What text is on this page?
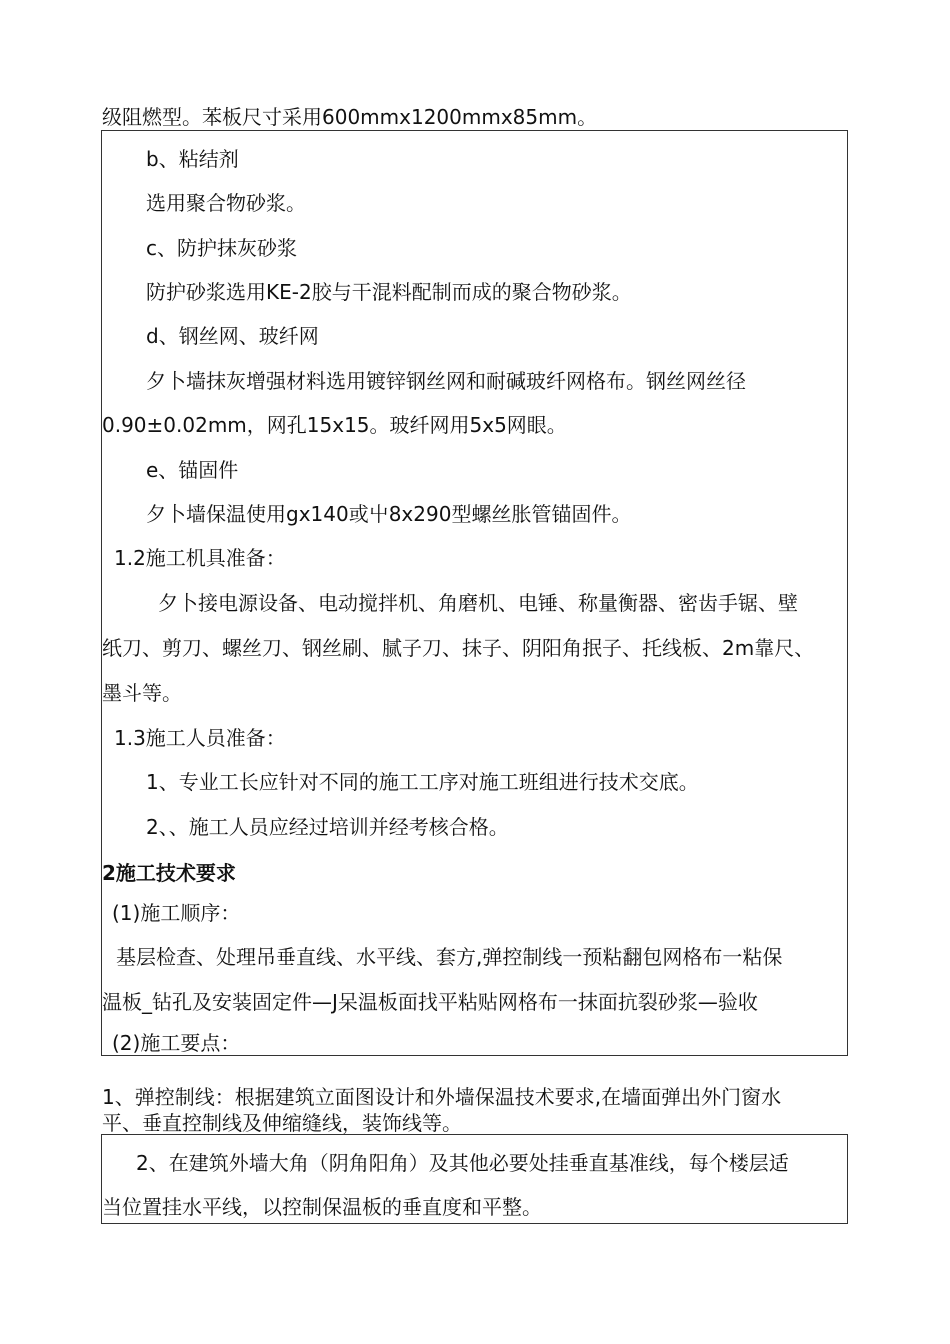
级阻燃型。苯板尺寸采用600mmx1200mmx85mm。
b、粘结剂
选用聚合物砂浆。
c、防护抹灰砂浆
防护砂浆选用KE-2胶与干混料配制而成的聚合物砂浆。
d、钢丝网、玻纤网
夕卜墙抹灰增强材料选用镀锌钢丝网和耐碱玻纤网格布。钢丝网丝径
0.90±0.02mm，网孔15x15。玻纤网用5x5网眼。
e、锚固件
夕卜墙保温使用gx140或屮8x290型螺丝胀管锚固件。
1.2施工机具准备：
夕卜接电源设备、电动搅拌机、角磨机、电锤、称量衡器、密齿手锯、壁
纸刀、剪刀、螺丝刀、钢丝刷、腻子刀、抹子、阴阳角抿子、托线板、2m靠尺、
墨斗等。
1.3施工人员准备：
1、专业工长应针对不同的施工工序对施工班组进行技术交底。
2、、施工人员应经过培训并经考核合格。
2施工技术要求
(1)施工顺序：
基层检查、处理吊垂直线、水平线、套方,弹控制线一预粘翻包网格布一粘保
温板_钻孔及安装固定件—J呆温板面找平粘贴网格布一抹面抗裂砂浆—验收
(2)施工要点：
1、弹控制线：根据建筑立面图设计和外墙保温技术要求,在墙面弹出外门窗水
平、垂直控制线及伸缩缝线，装饰线等。
2、在建筑外墙大角（阴角阳角）及其他必要处挂垂直基准线，每个楼层适
当位置挂水平线，以控制保温板的垂直度和平整。
